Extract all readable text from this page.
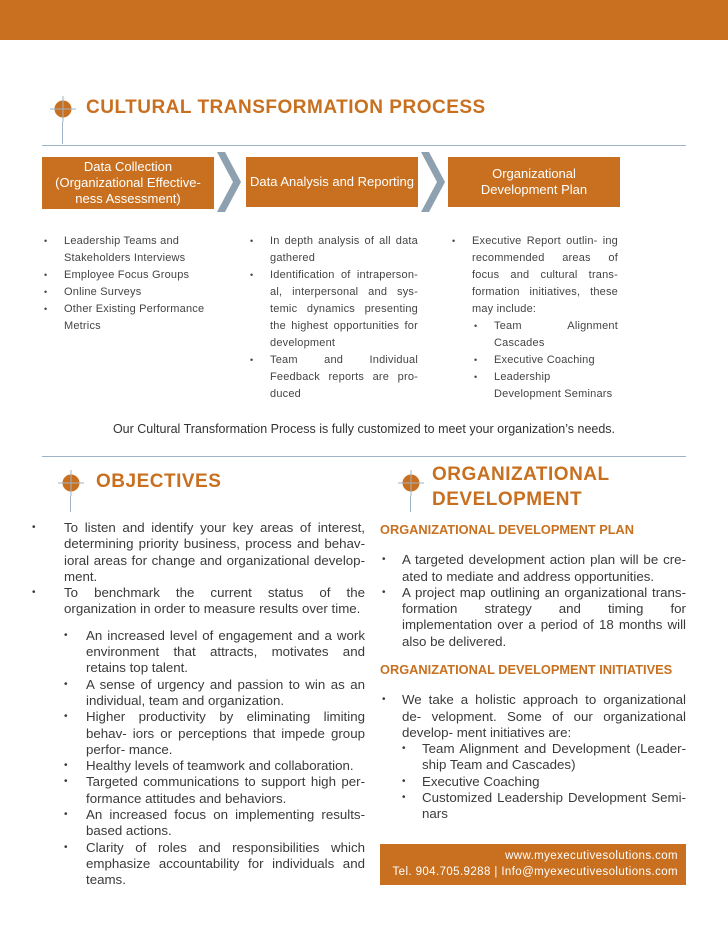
CULTURAL TRANSFORMATION PROCESS
Data Collection (Organizational Effective- ness Assessment)
Data Analysis and Reporting
Organizational Development Plan
• Leadership Teams and Stakeholders Interviews
• Employee Focus Groups
• Online Surveys
• Other Existing Performance Metrics
• In depth analysis of all data gathered
• Identification of intraperson- al, interpersonal and sys- temic dynamics presenting the highest opportunities for development
• Team and Individual Feedback reports are pro- duced
• Executive Report outlin- ing recommended areas of focus and cultural trans- formation initiatives, these may include:
• Team Alignment Cascades
• Executive Coaching
• Leadership Development Seminars
Our Cultural Transformation Process is fully customized to meet your organization’s needs.
OBJECTIVES	ORGANIZATIONAL
DEVELOPMENT
• To listen and identify your key areas of interest, determining priority business, process and behav- ioral areas for change and organizational develop- ment.
• To benchmark the current status of the organization in order to measure results over time.
• An increased level of engagement and a work environment that attracts, motivates and retains top talent.
• A sense of urgency and passion to win as an individual, team and organization.
• Higher productivity by eliminating limiting behav- iors or perceptions that impede group perfor- mance.
• Healthy levels of teamwork and collaboration.
• Targeted communications to support high per- formance attitudes and behaviors.
• An increased focus on implementing results- based actions.
• Clarity of roles and responsibilities which emphasize accountability for individuals and teams.
ORGANIZATIONAL DEVELOPMENT PLAN
• A targeted development action plan will be cre- ated to mediate and address opportunities.
• A project map outlining an organizational trans- formation strategy and timing for implementation over a period of 18 months will also be delivered.
ORGANIZATIONAL DEVELOPMENT INITIATIVES
• We take a holistic approach to organizational de- velopment. Some of our organizational develop- ment initiatives are:
• Team Alignment and Development (Leader- ship Team and Cascades)
• Executive Coaching
• Customized Leadership Development Semi- nars
www.myexecutivesolutions.com
Tel. 904.705.9288 | Info@myexecutivesolutions.com
